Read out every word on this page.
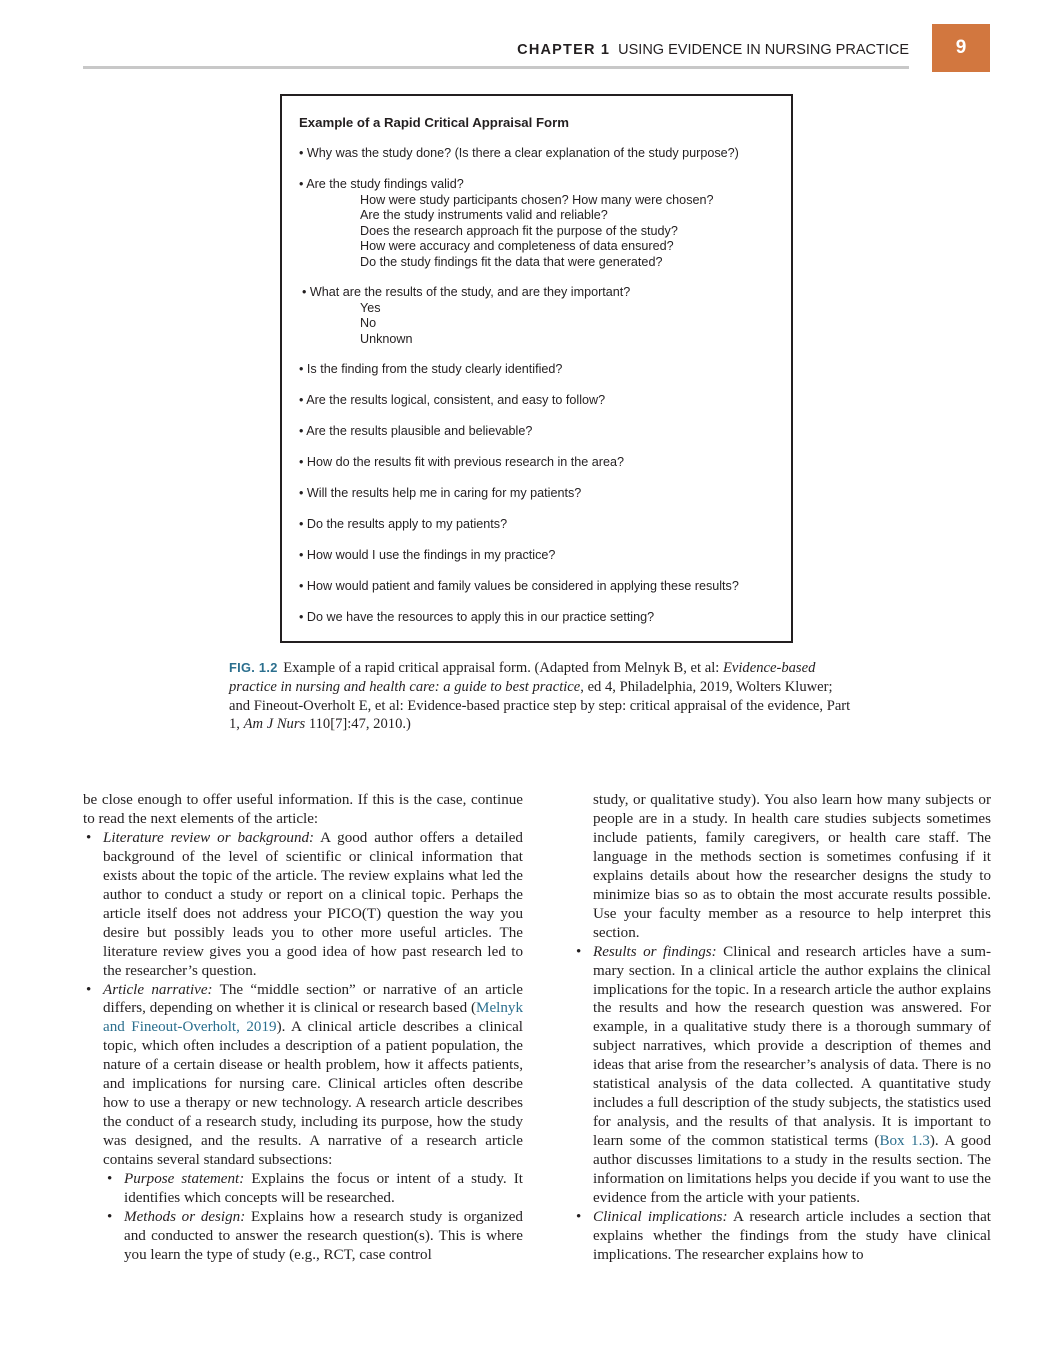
CHAPTER 1 USING EVIDENCE IN NURSING PRACTICE	9
Example of a Rapid Critical Appraisal Form
• Why was the study done? (Is there a clear explanation of the study purpose?)
• Are the study findings valid?
How were study participants chosen? How many were chosen?
Are the study instruments valid and reliable?
Does the research approach fit the purpose of the study?
How were accuracy and completeness of data ensured?
Do the study findings fit the data that were generated?
• What are the results of the study, and are they important?
Yes
No
Unknown
• Is the finding from the study clearly identified?
• Are the results logical, consistent, and easy to follow?
• Are the results plausible and believable?
• How do the results fit with previous research in the area?
• Will the results help me in caring for my patients?
• Do the results apply to my patients?
• How would I use the findings in my practice?
• How would patient and family values be considered in applying these results?
• Do we have the resources to apply this in our practice setting?
FIG. 1.2 Example of a rapid critical appraisal form. (Adapted from Melnyk B, et al: Evidence-based practice in nursing and health care: a guide to best practice, ed 4, Philadelphia, 2019, Wolters Kluwer; and Fineout-Overholt E, et al: Evidence-based practice step by step: critical appraisal of the evidence, Part 1, Am J Nurs 110[7]:47, 2010.)

be close enough to offer useful information. If this is the case, continue to read the next elements of the article:

• Literature review or background: A good author offers a detailed background of the level of scientific or clinical information that exists about the topic of the article. The review explains what led the author to conduct a study or report on a clinical topic. Perhaps the article itself does not address your PICO(T) question the way you desire but possibly leads you to other more useful articles. The literature review gives you a good idea of how past research led to the researcher’s question.

• Article narrative: The “middle section” or narrative of an article differs, depending on whether it is clinical or research based (Melnyk and Fineout-Overholt, 2019). A clinical article describes a clinical topic, which often includes a description of a patient population, the nature of a certain disease or health problem, how it affects patients, and implications for nursing care. Clinical articles often describe how to use a therapy or new technology. A research article describes the conduct of a research study, including its purpose, how the study was designed, and the results. A narrative of a research article contains several standard subsections:

• Purpose statement: Explains the focus or intent of a study. It identifies which concepts will be researched.

• Methods or design: Explains how a research study is organized and conducted to answer the research question(s). This is where you learn the type of study (e.g., RCT, case control

study, or qualitative study). You also learn how many subjects or people are in a study. In health care studies subjects sometimes include patients, family caregivers, or health care staff. The language in the methods section is sometimes confusing if it explains details about how the researcher designs the study to minimize bias so as to obtain the most accurate results possible. Use your faculty member as a resource to help interpret this section.

• Results or findings: Clinical and research articles have a summary section. In a clinical article the author explains the clinical implications for the topic. In a research article the author explains the results and how the research question was answered. For example, in a qualitative study there is a thorough summary of subject narratives, which provide a description of themes and ideas that arise from the researcher’s analysis of data. There is no statistical analysis of the data collected. A quantitative study includes a full description of the study subjects, the statistics used for analysis, and the results of that analysis. It is important to learn some of the common statistical terms (Box 1.3). A good author discusses limitations to a study in the results section. The information on limitations helps you decide if you want to use the evidence from the article with your patients.

• Clinical implications: A research article includes a section that explains whether the findings from the study have clinical implications. The researcher explains how to
